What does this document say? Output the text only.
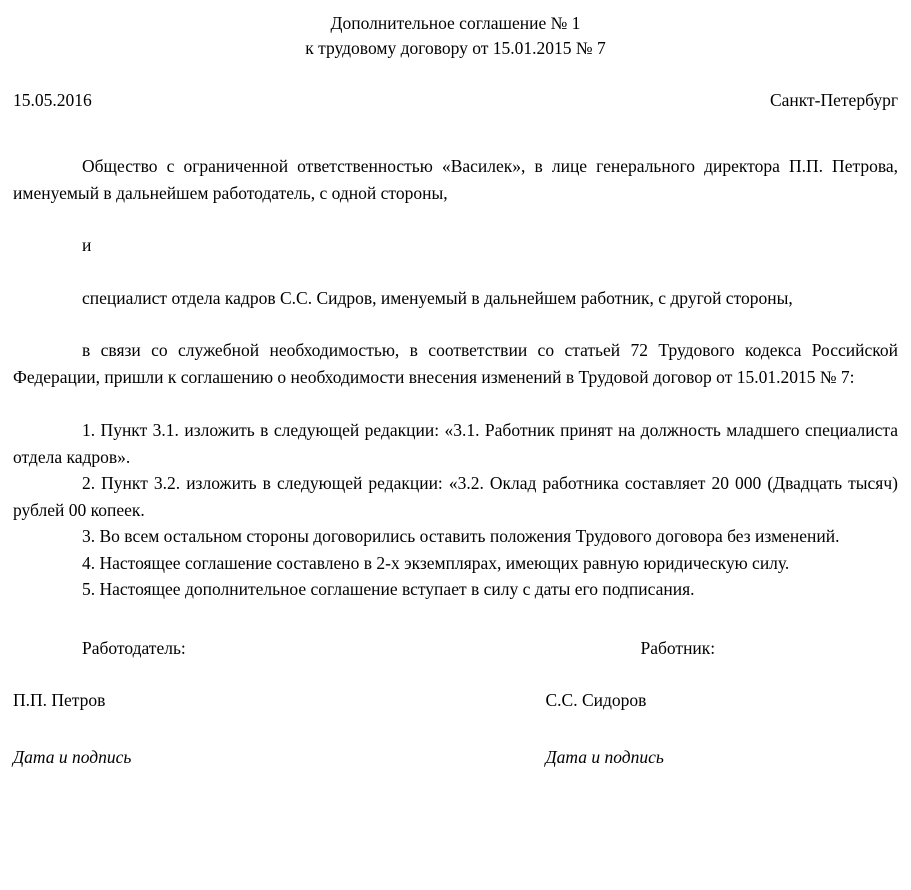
Дополнительное соглашение № 1
к трудовому договору от 15.01.2015 № 7
15.05.2016	Санкт-Петербург

Общество с ограниченной ответственностью «Василек», в лице генерального директора П.П. Петрова, именуемый в дальнейшем работодатель, с одной стороны,

и

специалист отдела кадров С.С. Сидров, именуемый в дальнейшем работник, с другой стороны,

в связи со служебной необходимостью, в соответствии со статьей 72 Трудового кодекса Российской Федерации, пришли к соглашению о необходимости внесения изменений в Трудовой договор от 15.01.2015 № 7:

1. Пункт 3.1. изложить в следующей редакции: «3.1. Работник принят на должность младшего специалиста отдела кадров».

2. Пункт 3.2. изложить в следующей редакции: «3.2. Оклад работника составляет 20 000 (Двадцать тысяч) рублей 00 копеек.

3. Во всем остальном стороны договорились оставить положения Трудового договора без изменений.

4. Настоящее соглашение составлено в 2-х экземплярах, имеющих равную юридическую силу.

5. Настоящее дополнительное соглашение вступает в силу с даты его подписания.

Работодатель:	Работник:
П.П. Петров	С.С. Сидоров
Дата и подпись	Дата и подпись
